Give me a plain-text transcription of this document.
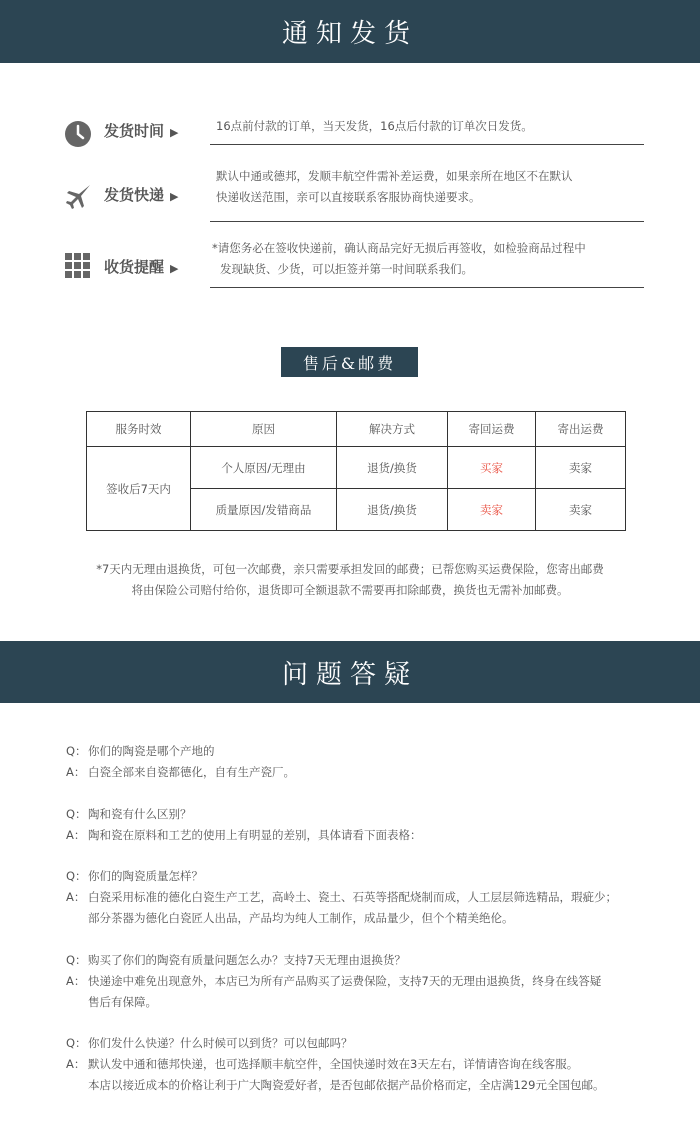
通知发货
发货时间 ▶	16点前付款的订单，当天发货，16点后付款的订单次日发货。
发货快递 ▶
默认中通或德邦，发顺丰航空件需补差运费，如果亲所在地区不在默认
快递收送范围，亲可以直接联系客服协商快递要求。
收货提醒 ▶
*请您务必在签收快递前，确认商品完好无损后再签收，如检验商品过程中
发现缺货、少货，可以拒签并第一时间联系我们。
售后&邮费
服务时效	原因	解决方式	寄回运费	寄出运费
签收后7天内	个人原因/无理由	退货/换货	买家	卖家
	质量原因/发错商品	退货/换货	卖家	卖家
*7天内无理由退换货，可包一次邮费，亲只需要承担发回的邮费；已帮您购买运费保险，您寄出邮费
将由保险公司赔付给你，退货即可全额退款不需要再扣除邮费，换货也无需补加邮费。
问题答疑
Q： 你们的陶瓷是哪个产地的
A： 白瓷全部来自瓷都德化，自有生产瓷厂。
Q： 陶和瓷有什么区别？
A： 陶和瓷在原料和工艺的使用上有明显的差别，具体请看下面表格：
Q： 你们的陶瓷质量怎样？
A： 白瓷采用标准的德化白瓷生产工艺，高岭土、瓷土、石英等搭配烧制而成，人工层层筛选精品，瑕疵少；
部分茶器为德化白瓷匠人出品，产品均为纯人工制作，成品量少，但个个精美绝伦。
Q： 购买了你们的陶瓷有质量问题怎么办？支持7天无理由退换货？
A： 快递途中难免出现意外，本店已为所有产品购买了运费保险，支持7天的无理由退换货，终身在线答疑
售后有保障。
Q： 你们发什么快递？什么时候可以到货？可以包邮吗？
A： 默认发中通和德邦快递，也可选择顺丰航空件，全国快递时效在3天左右，详情请咨询在线客服。
本店以接近成本的价格让利于广大陶瓷爱好者，是否包邮依据产品价格而定，全店满129元全国包邮。
